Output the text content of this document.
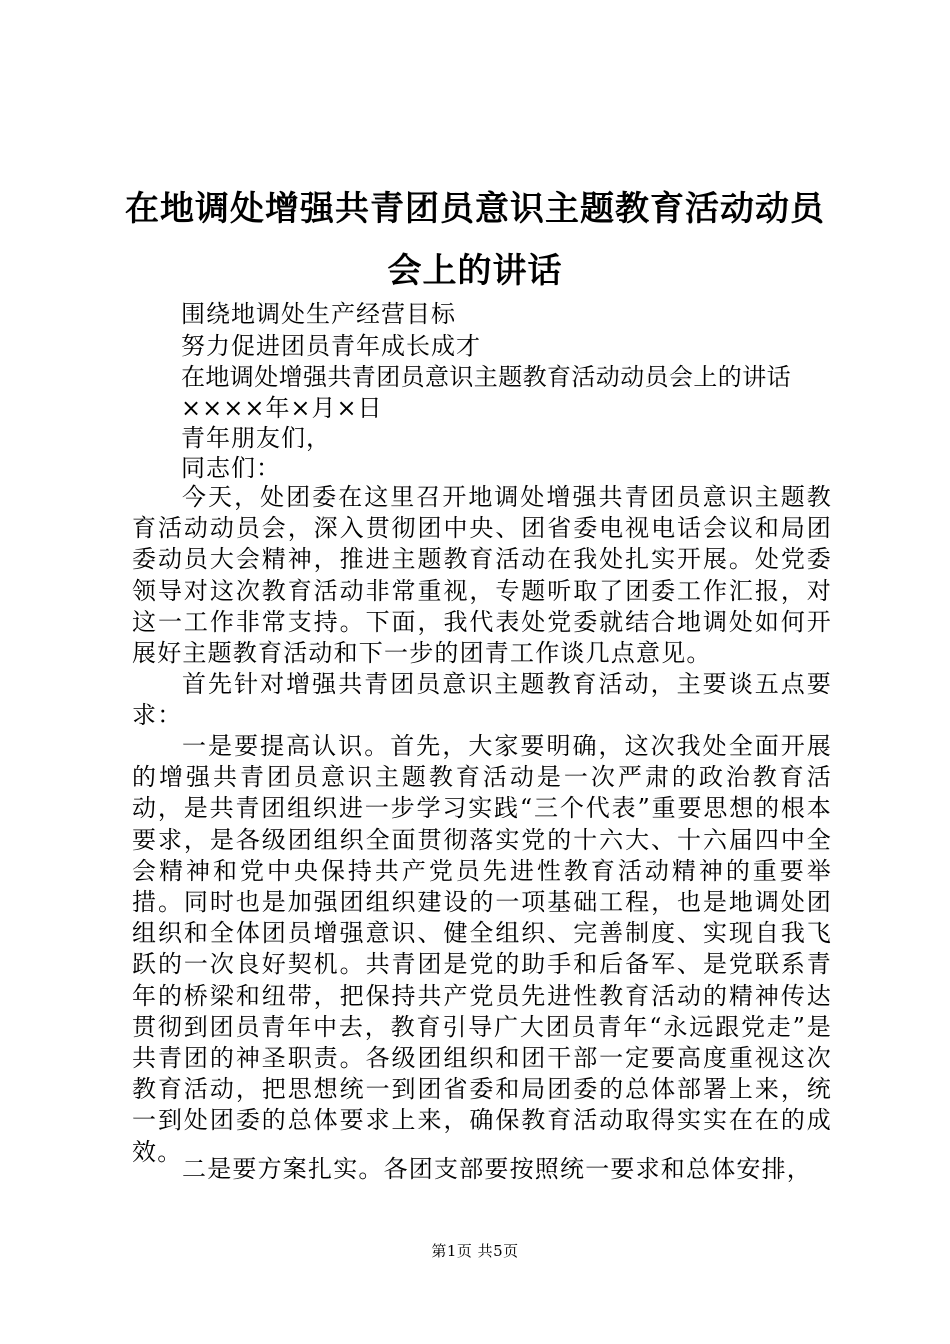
在地调处增强共青团员意识主题教育活动动员
会上的讲话
围绕地调处生产经营目标
努力促进团员青年成长成才
在地调处增强共青团员意识主题教育活动动员会上的讲话
××××年×月×日
青年朋友们，
同志们：
今天，处团委在这里召开地调处增强共青团员意识主题教育活动动员会，深入贯彻团中央、团省委电视电话会议和局团委动员大会精神，推进主题教育活动在我处扎实开展。处党委领导对这次教育活动非常重视，专题听取了团委工作汇报，对这一工作非常支持。下面，我代表处党委就结合地调处如何开展好主题教育活动和下一步的团青工作谈几点意见。
首先针对增强共青团员意识主题教育活动，主要谈五点要求：
一是要提高认识。首先，大家要明确，这次我处全面开展的增强共青团员意识主题教育活动是一次严肃的政治教育活动，是共青团组织进一步学习实践“三个代表”重要思想的根本要求，是各级团组织全面贯彻落实党的十六大、十六届四中全会精神和党中央保持共产党员先进性教育活动精神的重要举措。同时也是加强团组织建设的一项基础工程，也是地调处团组织和全体团员增强意识、健全组织、完善制度、实现自我飞跃的一次良好契机。共青团是党的助手和后备军、是党联系青年的桥梁和纽带，把保持共产党员先进性教育活动的精神传达贯彻到团员青年中去，教育引导广大团员青年“永远跟党走”是共青团的神圣职责。各级团组织和团干部一定要高度重视这次教育活动，把思想统一到团省委和局团委的总体部署上来，统一到处团委的总体要求上来，确保教育活动取得实实在在的成效。
二是要方案扎实。各团支部要按照统一要求和总体安排，
第1页 共5页
